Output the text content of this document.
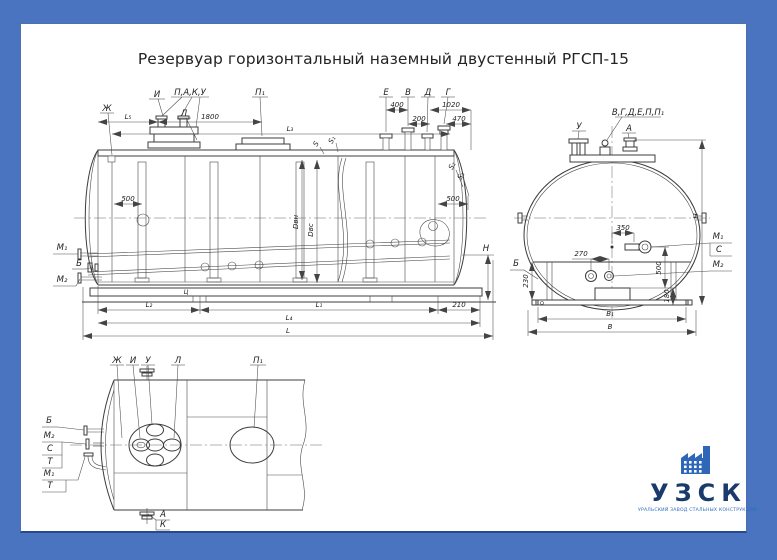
Резервуар горизонтальный наземный двустенный РГСП-15
И П,А,К,У
Л
П₁	Е В Д Г
400	1020
200	470
Ж
L₅	1800
L₃
S S₁
S₂
S₃
Dвн
Dвс
500	500
М₁
Б
М₂
Н
Ц
L₂	L₁	210
L₄
L
В,Г,Д,Е,П,П₁
У	А
Н
350
270
500
180
230
Б
М₁
С
М₂
В₁
В
Ж И У	Л	П₁
Б
М₂
С
Т
М₁
Т
А
К
УЗСК
УРАЛЬСКИЙ ЗАВОД СТАЛЬНЫХ КОНСТРУКЦИЙ
